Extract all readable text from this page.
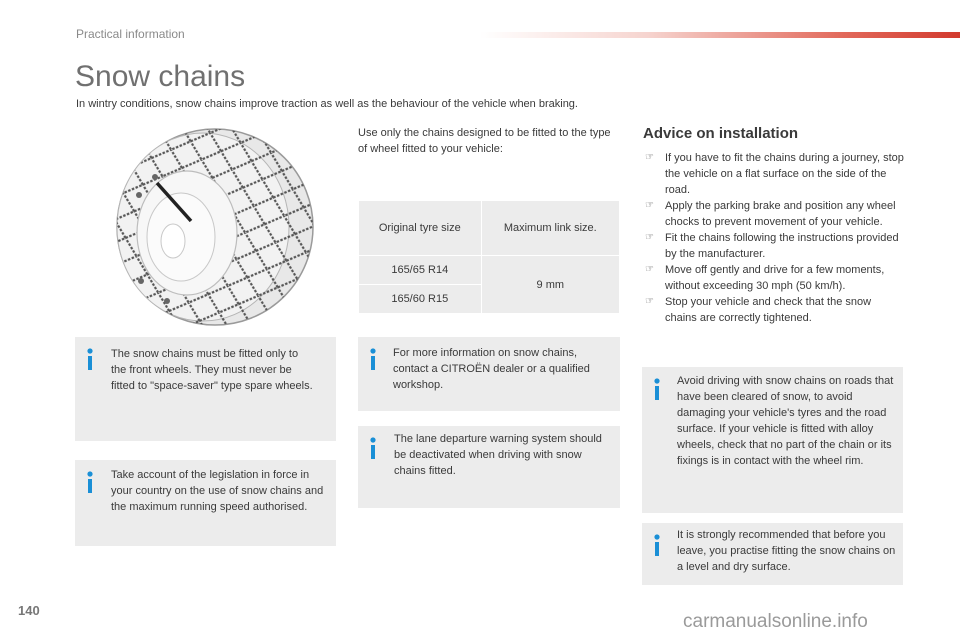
Practical information
Snow chains
In wintry conditions, snow chains improve traction as well as the behaviour of the vehicle when braking.
Use only the chains designed to be fitted to the type of wheel fitted to your vehicle:
Original tyre size	Maximum link size.
165/65 R14	9 mm
165/60 R15	
Advice on installation
☞ If you have to fit the chains during a journey, stop the vehicle on a flat surface on the side of the road.
☞ Apply the parking brake and position any wheel chocks to prevent movement of your vehicle.
☞ Fit the chains following the instructions provided by the manufacturer.
☞ Move off gently and drive for a few moments, without exceeding 30 mph (50 km/h).
☞ Stop your vehicle and check that the snow chains are correctly tightened.
The snow chains must be fitted only to the front wheels. They must never be fitted to "space-saver" type spare wheels.
Take account of the legislation in force in your country on the use of snow chains and the maximum running speed authorised.
For more information on snow chains, contact a CITROËN dealer or a qualified workshop.
The lane departure warning system should be deactivated when driving with snow chains fitted.
Avoid driving with snow chains on roads that have been cleared of snow, to avoid damaging your vehicle's tyres and the road surface. If your vehicle is fitted with alloy wheels, check that no part of the chain or its fixings is in contact with the wheel rim.
It is strongly recommended that before you leave, you practise fitting the snow chains on a level and dry surface.
140
carmanualsonline.info
